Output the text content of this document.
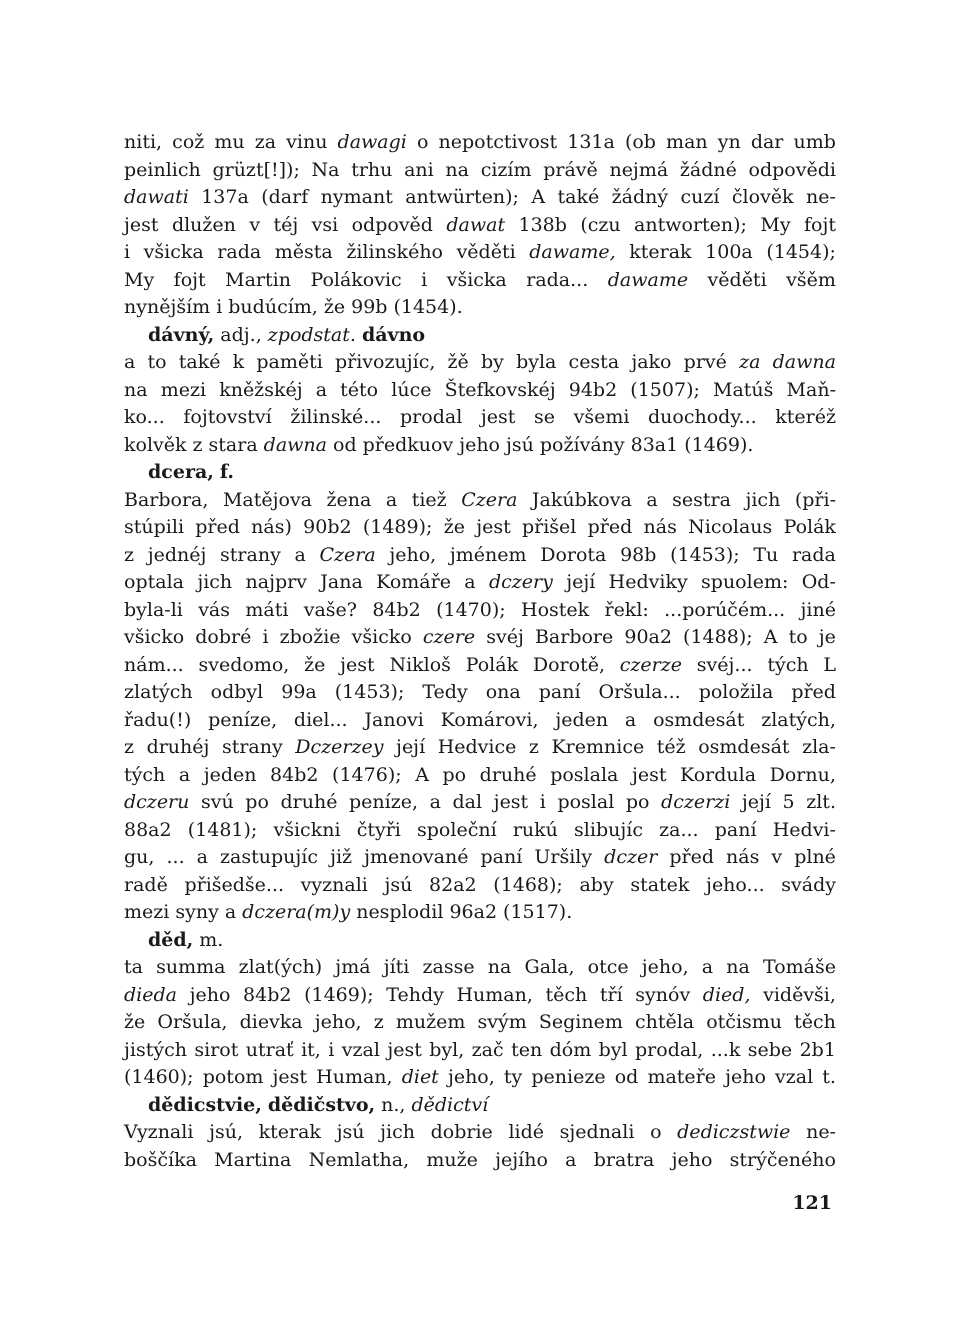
niti, což mu za vinu dawagi o nepotctivost 131a (ob man yn dar umb
peinlich grüzt[!]); Na trhu ani na cizím právě nejmá žádné odpovědi
dawati 137a (darf nymant antwürten); A také žádný cuzí člověk ne-
jest dlužen v téj vsi odpověd dawat 138b (czu antworten); My fojt
i všicka rada města žilinského věděti dawame, kterak 100a (1454);
My fojt Martin Polákovic i všicka rada... dawame věděti všěm
nynějším i budúcím, že 99b (1454).
dávný, adj., zpodstat. dávno
a to také k paměti přivozujíc, žě by byla cesta jako prvé za dawna
na mezi kněžskéj a této lúce Štefkovskéj 94b2 (1507); Matúš Maň-
ko... fojtovství žilinské... prodal jest se všemi duochody... kteréž
kolvěk z stara dawna od předkuov jeho jsú požívány 83a1 (1469).
dcera, f.
Barbora, Matějova žena a tiež Czera Jakúbkova a sestra jich (při-
stúpili před nás) 90b2 (1489); že jest přišel před nás Nicolaus Polák
z jednéj strany a Czera jeho, jménem Dorota 98b (1453); Tu rada
optala jich najprv Jana Komáře a dczery její Hedviky spuolem: Od-
byla-li vás máti vaše? 84b2 (1470); Hostek řekl: ...porúčém... jiné
všicko dobré i zbožie všicko czere svéj Barbore 90a2 (1488); A to je
nám... svedomo, že jest Nikloš Polák Dorotě, czerze svéj... tých L
zlatých odbyl 99a (1453); Tedy ona paní Oršula... položila před
řadu(!) peníze, diel... Janovi Komárovi, jeden a osmdesát zlatých,
z druhéj strany Dczerzey její Hedvice z Kremnice též osmdesát zla-
tých a jeden 84b2 (1476); A po druhé poslala jest Kordula Dornu,
dczeru svú po druhé peníze, a dal jest i poslal po dczerzi její 5 zlt.
88a2 (1481); všickni čtyři společní rukú slibujíc za... paní Hedvi-
gu, ... a zastupujíc již jmenované paní Uršily dczer před nás v plné
radě přišedše... vyznali jsú 82a2 (1468); aby statek jeho... svády
mezi syny a dczera(m)y nesplodil 96a2 (1517).
děd, m.
ta summa zlat(ých) jmá jíti zasse na Gala, otce jeho, a na Tomáše
dieda jeho 84b2 (1469); Tehdy Human, těch tří synóv died, viděvši,
že Oršula, dievka jeho, z mužem svým Seginem chtěla otčismu těch
jistých sirot utrať it, i vzal jest byl, zač ten dóm byl prodal, ...k sebe 2b1
(1460); potom jest Human, diet jeho, ty penieze od mateře jeho vzal t.
dědicstvie, dědičstvo, n., dědictví
Vyznali jsú, kterak jsú jich dobrie lidé sjednali o dediczstwie ne-
boščíka Martina Nemlatha, muže jejího a bratra jeho strýčeného
121
